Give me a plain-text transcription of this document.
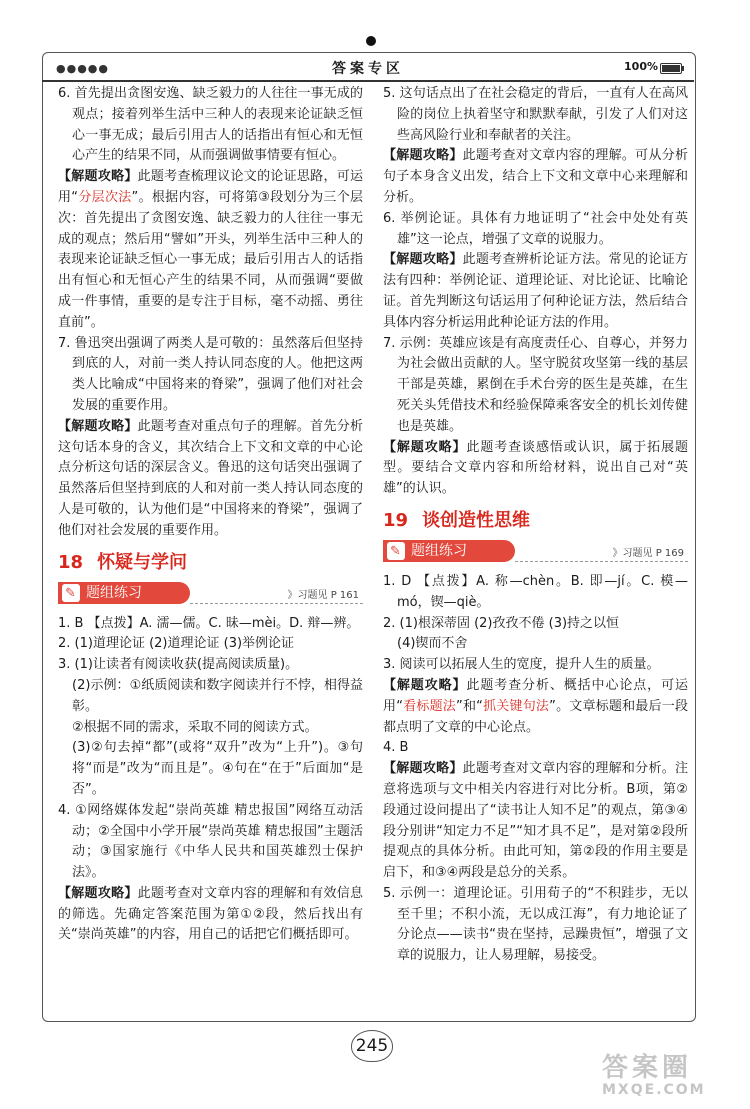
●●●●●	答案专区	100%

6. 首先提出贪图安逸、缺乏毅力的人往往一事无成的观点；接着列举生活中三种人的表现来论证缺乏恒心一事无成；最后引用古人的话指出有恒心和无恒心产生的结果不同，从而强调做事情要有恒心。

【解题攻略】此题考查梳理议论文的论证思路，可运用“分层次法”。根据内容，可将第③段划分为三个层次：首先提出了贪图安逸、缺乏毅力的人往往一事无成的观点；然后用“譬如”开头，列举生活中三种人的表现来论证缺乏恒心一事无成；最后引用古人的话指出有恒心和无恒心产生的结果不同，从而强调“要做成一件事情，重要的是专注于目标，毫不动摇、勇往直前”。

7. 鲁迅突出强调了两类人是可敬的：虽然落后但坚持到底的人，对前一类人持认同态度的人。他把这两类人比喻成“中国将来的脊梁”，强调了他们对社会发展的重要作用。

【解题攻略】此题考查对重点句子的理解。首先分析这句话本身的含义，其次结合上下文和文章的中心论点分析这句话的深层含义。鲁迅的这句话突出强调了虽然落后但坚持到底的人和对前一类人持认同态度的人是可敬的，认为他们是“中国将来的脊梁”，强调了他们对社会发展的重要作用。

18 怀疑与学问
✎题组练习	》习题见 P 161

1. B 【点拨】A. 濡—儒。C. 昧—mèi。D. 辩—辨。

2. (1)道理论证 (2)道理论证 (3)举例论证

3. (1)让读者有阅读收获(提高阅读质量)。

(2)示例：①纸质阅读和数字阅读并行不悖，相得益彰。

②根据不同的需求，采取不同的阅读方式。

(3)②句去掉“都”(或将“双升”改为“上升”)。③句将“而是”改为“而且是”。④句在“在于”后面加“是否”。

4. ①网络媒体发起“崇尚英雄 精忠报国”网络互动活动；②全国中小学开展“崇尚英雄 精忠报国”主题活动；③国家施行《中华人民共和国英雄烈士保护法》。

【解题攻略】此题考查对文章内容的理解和有效信息的筛选。先确定答案范围为第①②段，然后找出有关“崇尚英雄”的内容，用自己的话把它们概括即可。

5. 这句话点出了在社会稳定的背后，一直有人在高风险的岗位上执着坚守和默默奉献，引发了人们对这些高风险行业和奉献者的关注。

【解题攻略】此题考查对文章内容的理解。可从分析句子本身含义出发，结合上下文和文章中心来理解和分析。

6. 举例论证。具体有力地证明了“社会中处处有英雄”这一论点，增强了文章的说服力。

【解题攻略】此题考查辨析论证方法。常见的论证方法有四种：举例论证、道理论证、对比论证、比喻论证。首先判断这句话运用了何种论证方法，然后结合具体内容分析运用此种论证方法的作用。

7. 示例：英雄应该是有高度责任心、自尊心，并努力为社会做出贡献的人。坚守脱贫攻坚第一线的基层干部是英雄，累倒在手术台旁的医生是英雄，在生死关头凭借技术和经验保障乘客安全的机长刘传健也是英雄。

【解题攻略】此题考查谈感悟或认识，属于拓展题型。要结合文章内容和所给材料，说出自己对“英雄”的认识。

19 谈创造性思维
✎题组练习	》习题见 P 169

1. D 【点拨】A. 称—chèn。B. 即—jí。C. 模—mó，锲—qiè。

2. (1)根深蒂固 (2)孜孜不倦 (3)持之以恒

(4)锲而不舍

3. 阅读可以拓展人生的宽度，提升人生的质量。

【解题攻略】此题考查分析、概括中心论点，可运用“看标题法”和“抓关键句法”。文章标题和最后一段都点明了文章的中心论点。

4. B

【解题攻略】此题考查对文章内容的理解和分析。注意将选项与文中相关内容进行对比分析。B项，第②段通过设问提出了“读书让人知不足”的观点，第③④段分别讲“知定力不足”“知才具不足”，是对第②段所提观点的具体分析。由此可知，第②段的作用主要是启下，和③④两段是总分的关系。

5. 示例一：道理论证。引用荀子的“不积跬步，无以至千里；不积小流，无以成江海”，有力地论证了分论点——读书“贵在坚持，忌躁贵恒”，增强了文章的说服力，让人易理解，易接受。

245
答案圈
MXQE.COM
